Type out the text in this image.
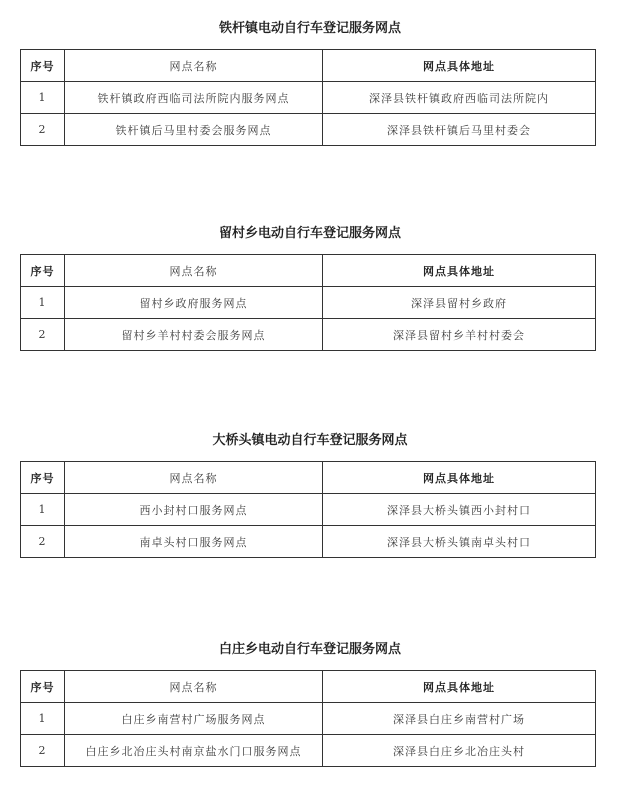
铁杆镇电动自行车登记服务网点
序号	网点名称	网点具体地址
1	铁杆镇政府西临司法所院内服务网点	深泽县铁杆镇政府西临司法所院内
2	铁杆镇后马里村委会服务网点	深泽县铁杆镇后马里村委会
留村乡电动自行车登记服务网点
序号	网点名称	网点具体地址
1	留村乡政府服务网点	深泽县留村乡政府
2	留村乡羊村村委会服务网点	深泽县留村乡羊村村委会
大桥头镇电动自行车登记服务网点
序号	网点名称	网点具体地址
1	西小封村口服务网点	深泽县大桥头镇西小封村口
2	南卓头村口服务网点	深泽县大桥头镇南卓头村口
白庄乡电动自行车登记服务网点
序号	网点名称	网点具体地址
1	白庄乡南营村广场服务网点	深泽县白庄乡南营村广场
2	白庄乡北冶庄头村南京盐水门口服务网点	深泽县白庄乡北冶庄头村
